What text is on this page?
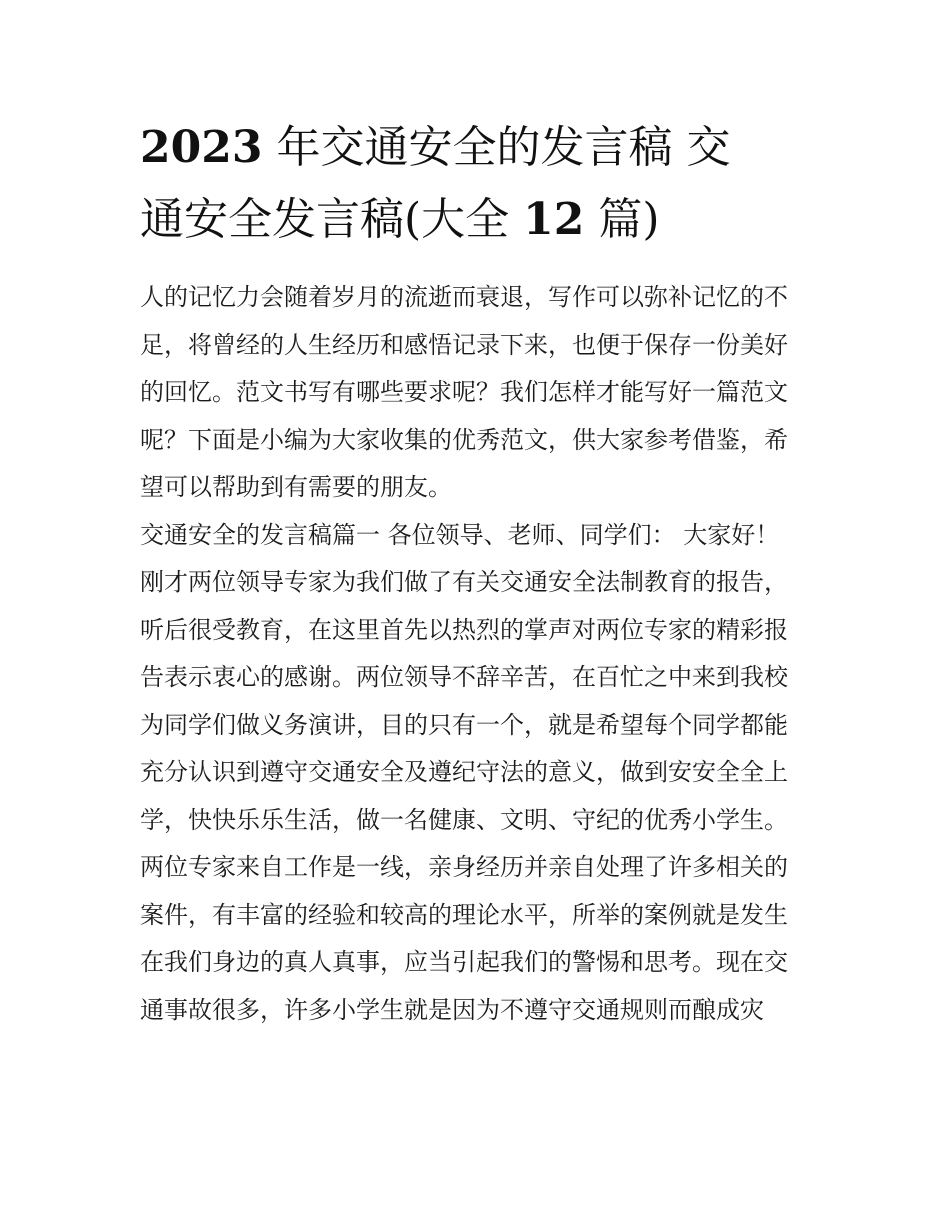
2023 年交通安全的发言稿 交
通安全发言稿(大全 12 篇)

人的记忆力会随着岁月的流逝而衰退，写作可以弥补记忆的不
足，将曾经的人生经历和感悟记录下来，也便于保存一份美好
的回忆。范文书写有哪些要求呢？我们怎样才能写好一篇范文
呢？下面是小编为大家收集的优秀范文，供大家参考借鉴，希
望可以帮助到有需要的朋友。

交通安全的发言稿篇一 各位领导、老师、同学们： 大家好！
刚才两位领导专家为我们做了有关交通安全法制教育的报告，
听后很受教育，在这里首先以热烈的掌声对两位专家的精彩报
告表示衷心的感谢。两位领导不辞辛苦，在百忙之中来到我校
为同学们做义务演讲，目的只有一个，就是希望每个同学都能
充分认识到遵守交通安全及遵纪守法的意义，做到安安全全上
学，快快乐乐生活，做一名健康、文明、守纪的优秀小学生。
两位专家来自工作是一线，亲身经历并亲自处理了许多相关的
案件，有丰富的经验和较高的理论水平，所举的案例就是发生
在我们身边的真人真事，应当引起我们的警惕和思考。现在交
通事故很多，许多小学生就是因为不遵守交通规则而酿成灾
